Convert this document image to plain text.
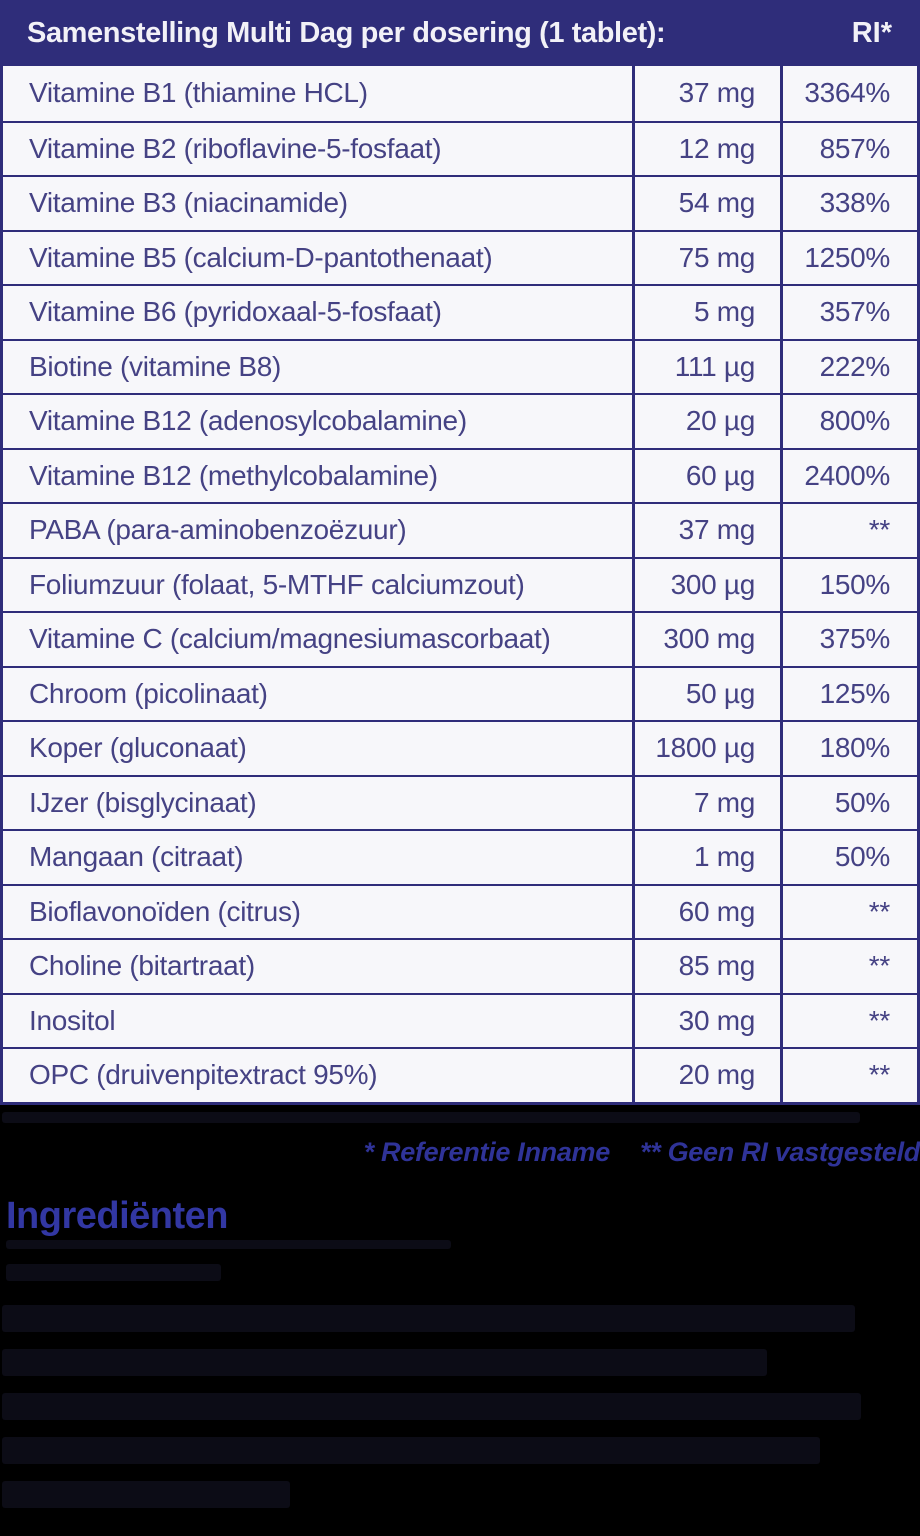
Samenstelling Multi Dag per dosering (1 tablet):	RI*
Vitamine B1 (thiamine HCL)	37 mg 3364%
Vitamine B2 (riboflavine-5-fosfaat)	12 mg 857%
Vitamine B3 (niacinamide)	54 mg 338%
Vitamine B5 (calcium-D-pantothenaat)	75 mg 1250%
Vitamine B6 (pyridoxaal-5-fosfaat)	5 mg 357%
Biotine (vitamine B8)	111 µg 222%
Vitamine B12 (adenosylcobalamine)	20 µg 800%
Vitamine B12 (methylcobalamine)	60 µg 2400%
PABA (para-aminobenzoëzuur)	37 mg	**
Foliumzuur (folaat, 5-MTHF calciumzout)	300 µg 150%
Vitamine C (calcium/magnesiumascorbaat)	300 mg 375%
Chroom (picolinaat)	50 µg 125%
Koper (gluconaat)	1800 µg 180%
IJzer (bisglycinaat)	7 mg	50%
Mangaan (citraat)	1 mg	50%
Bioflavonoïden (citrus)	60 mg	**
Choline (bitartraat)	85 mg	**
Inositol	30 mg	**
OPC (druivenpitextract 95%)	20 mg	**
* Referentie Inname ** Geen RI vastgesteld
Ingrediënten
